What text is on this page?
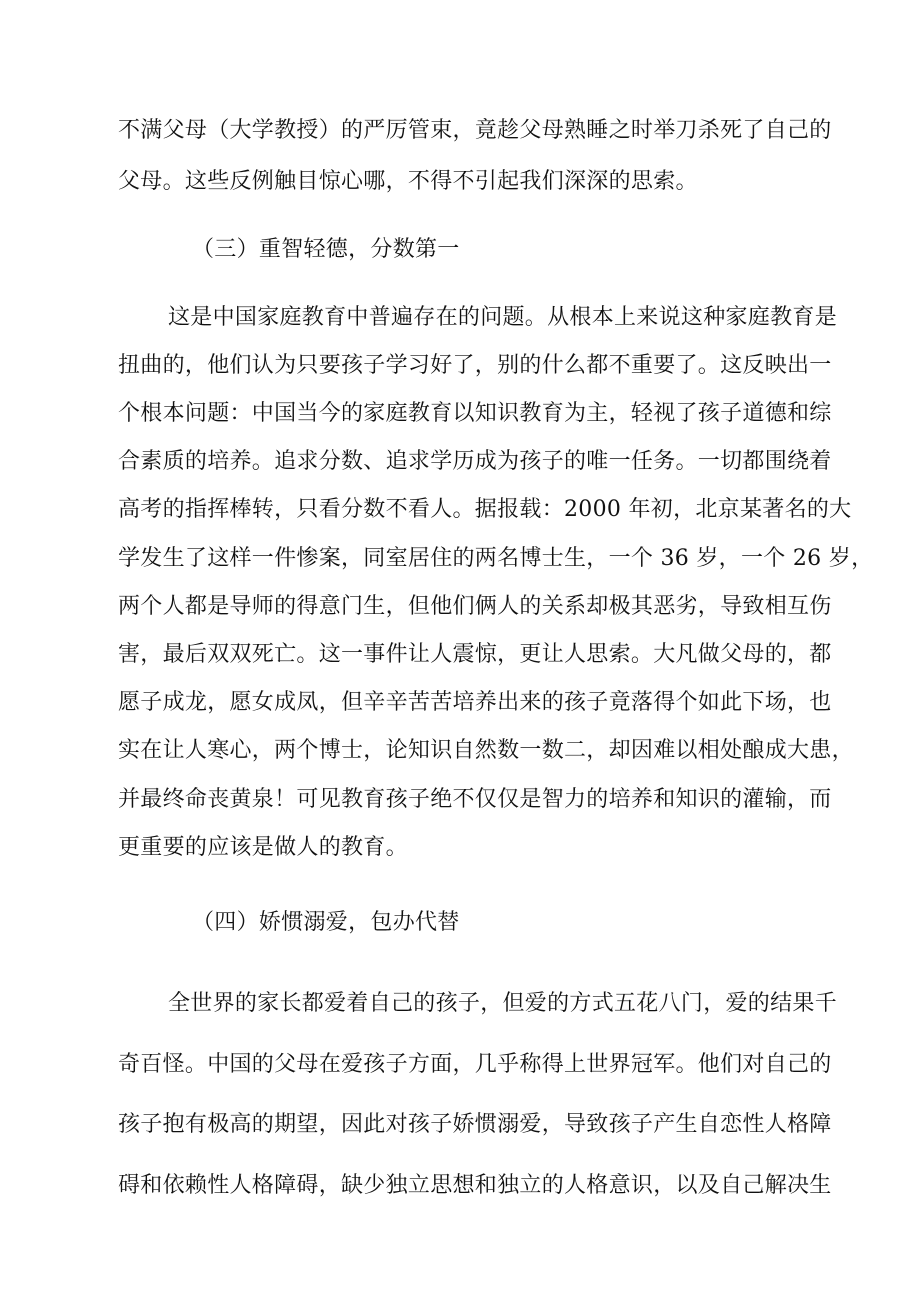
不满父母（大学教授）的严厉管束，竟趁父母熟睡之时举刀杀死了自己的
父母。这些反例触目惊心哪，不得不引起我们深深的思索。
（三）重智轻德，分数第一
这是中国家庭教育中普遍存在的问题。从根本上来说这种家庭教育是
扭曲的，他们认为只要孩子学习好了，别的什么都不重要了。这反映出一
个根本问题：中国当今的家庭教育以知识教育为主，轻视了孩子道德和综
合素质的培养。追求分数、追求学历成为孩子的唯一任务。一切都围绕着
高考的指挥棒转，只看分数不看人。据报载：2000 年初，北京某著名的大
学发生了这样一件惨案，同室居住的两名博士生，一个 36 岁，一个 26 岁，
两个人都是导师的得意门生，但他们俩人的关系却极其恶劣，导致相互伤
害，最后双双死亡。这一事件让人震惊，更让人思索。大凡做父母的，都
愿子成龙，愿女成凤，但辛辛苦苦培养出来的孩子竟落得个如此下场，也
实在让人寒心，两个博士，论知识自然数一数二，却因难以相处酿成大患，
并最终命丧黄泉！可见教育孩子绝不仅仅是智力的培养和知识的灌输，而
更重要的应该是做人的教育。
（四）娇惯溺爱，包办代替
全世界的家长都爱着自己的孩子，但爱的方式五花八门，爱的结果千
奇百怪。中国的父母在爱孩子方面，几乎称得上世界冠军。他们对自己的
孩子抱有极高的期望，因此对孩子娇惯溺爱，导致孩子产生自恋性人格障
碍和依赖性人格障碍，缺少独立思想和独立的人格意识，以及自己解决生
